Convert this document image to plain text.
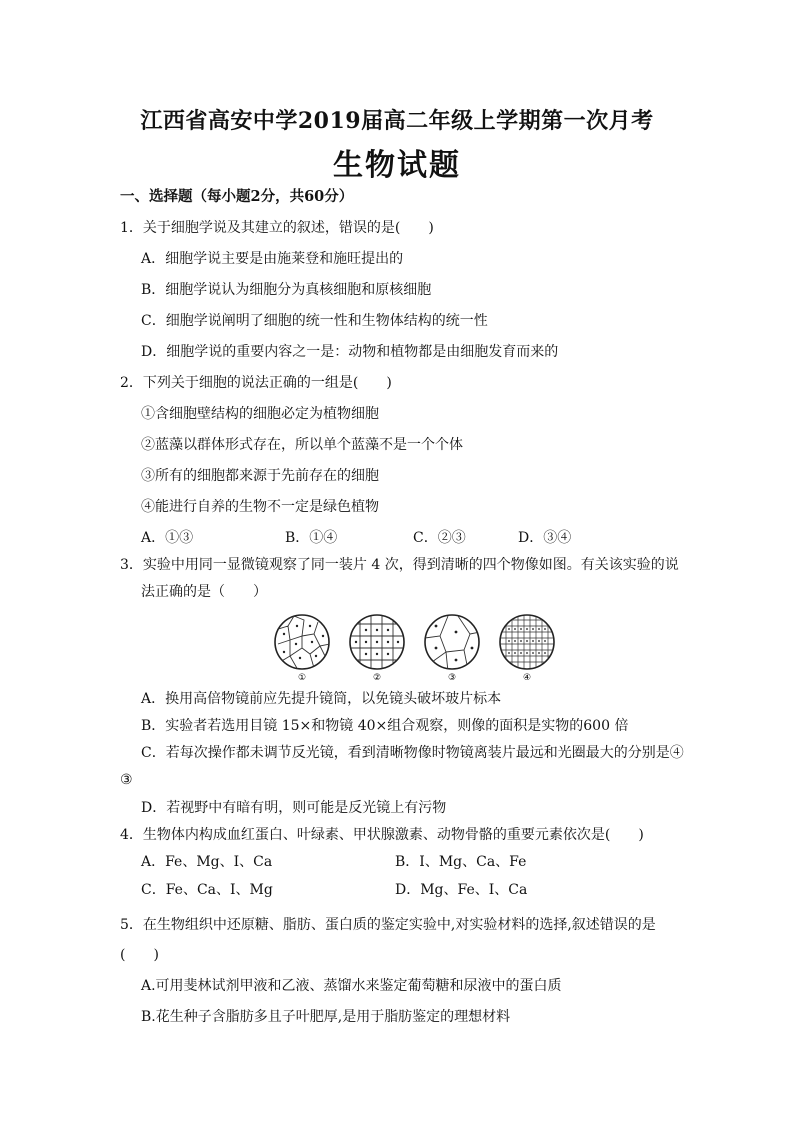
江西省高安中学2019届高二年级上学期第一次月考
生物试题
一、选择题（每小题2分，共60分）
1．关于细胞学说及其建立的叙述，错误的是(　　)
A．细胞学说主要是由施莱登和施旺提出的
B．细胞学说认为细胞分为真核细胞和原核细胞
C．细胞学说阐明了细胞的统一性和生物体结构的统一性
D．细胞学说的重要内容之一是：动物和植物都是由细胞发育而来的
2．下列关于细胞的说法正确的一组是(　　)
①含细胞壁结构的细胞必定为植物细胞
②蓝藻以群体形式存在，所以单个蓝藻不是一个个体
③所有的细胞都来源于先前存在的细胞
④能进行自养的生物不一定是绿色植物
A．①③	B．①④	C．②③	D．③④
3．实验中用同一显微镜观察了同一装片 4 次，得到清晰的四个物像如图。有关该实验的说
法正确的是（　　）
①	②	③	④
A．换用高倍物镜前应先提升镜筒，以免镜头破坏玻片标本
B．实验者若选用目镜 15×和物镜 40×组合观察，则像的面积是实物的600 倍
C．若每次操作都未调节反光镜，看到清晰物像时物镜离装片最远和光圈最大的分别是④
③
D．若视野中有暗有明，则可能是反光镜上有污物
4．生物体内构成血红蛋白、叶绿素、甲状腺激素、动物骨骼的重要元素依次是(　　)
A．Fe、Mg、I、Ca	B．I、Mg、Ca、Fe
C．Fe、Ca、I、Mg	D．Mg、Fe、I、Ca
5．在生物组织中还原糖、脂肪、蛋白质的鉴定实验中,对实验材料的选择,叙述错误的是
(　　)
A.可用斐林试剂甲液和乙液、蒸馏水来鉴定葡萄糖和尿液中的蛋白质
B.花生种子含脂肪多且子叶肥厚,是用于脂肪鉴定的理想材料
